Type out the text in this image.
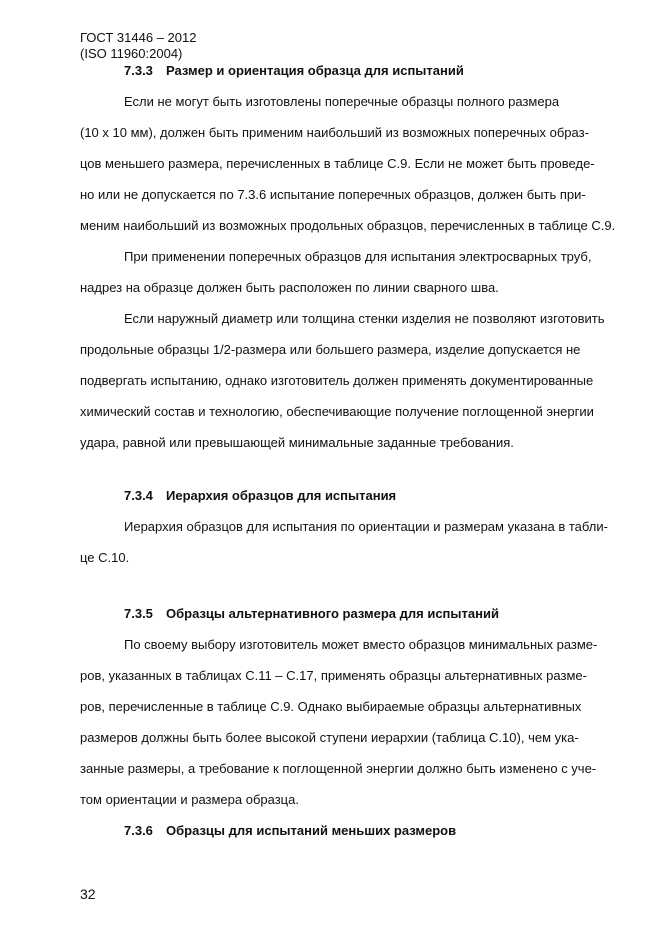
ГОСТ 31446 – 2012
(ISO 11960:2004)
7.3.3 Размер и ориентация образца для испытаний
Если не могут быть изготовлены поперечные образцы полного размера
(10 х 10 мм), должен быть применим наибольший из возможных поперечных образ-
цов меньшего размера, перечисленных в таблице C.9. Если не может быть проведе-
но или не допускается по 7.3.6 испытание поперечных образцов, должен быть при-
меним наибольший из возможных продольных образцов, перечисленных в таблице C.9.
При применении поперечных образцов для испытания электросварных труб,
надрез на образце должен быть расположен по линии сварного шва.
Если наружный диаметр или толщина стенки изделия не позволяют изготовить
продольные образцы 1/2-размера или большего размера, изделие допускается не
подвергать испытанию, однако изготовитель должен применять документированные
химический состав и технологию, обеспечивающие получение поглощенной энергии
удара, равной или превышающей минимальные заданные требования.
7.3.4 Иерархия образцов для испытания
Иерархия образцов для испытания по ориентации и размерам указана в табли-
це C.10.
7.3.5 Образцы альтернативного размера для испытаний
По своему выбору изготовитель может вместо образцов минимальных разме-
ров, указанных в таблицах C.11 – C.17, применять образцы альтернативных разме-
ров, перечисленные в таблице C.9. Однако выбираемые образцы альтернативных
размеров должны быть более высокой ступени иерархии (таблица C.10), чем ука-
занные размеры, а требование к поглощенной энергии должно быть изменено с уче-
том ориентации и размера образца.
7.3.6 Образцы для испытаний меньших размеров
32
